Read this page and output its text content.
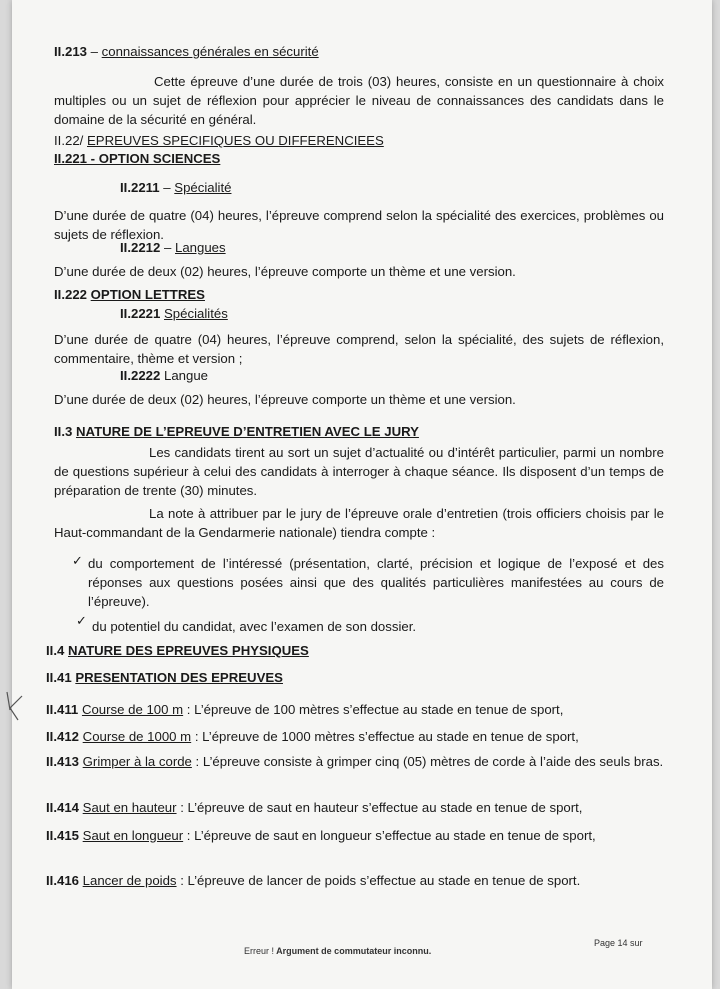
II.213 – connaissances générales en sécurité
Cette épreuve d’une durée de trois (03) heures, consiste en un questionnaire à choix multiples ou un sujet de réflexion pour apprécier le niveau de connaissances des candidats dans le domaine de la sécurité en général.
II.22/ EPREUVES SPECIFIQUES OU DIFFERENCIEES
II.221 - OPTION SCIENCES
II.2211 – Spécialité
D’une durée de quatre (04) heures, l’épreuve comprend selon la spécialité des exercices, problèmes ou sujets de réflexion.
II.2212 – Langues
D’une durée de deux (02) heures, l’épreuve comporte un thème et une version.
II.222 OPTION LETTRES
II.2221 Spécialités
D’une durée de quatre (04) heures, l’épreuve comprend, selon la spécialité, des sujets de réflexion, commentaire, thème et version ;
II.2222 Langue
D’une durée de deux (02) heures, l’épreuve comporte un thème et une version.
II.3 NATURE DE L’EPREUVE D’ENTRETIEN AVEC LE JURY
Les candidats tirent au sort un sujet d’actualité ou d’intérêt particulier, parmi un nombre de questions supérieur à celui des candidats à interroger à chaque séance. Ils disposent d’un temps de préparation de trente (30) minutes.
La note à attribuer par le jury de l’épreuve orale d’entretien (trois officiers choisis par le Haut-commandant de la Gendarmerie nationale) tiendra compte :
✓ du comportement de l’intéressé (présentation, clarté, précision et logique de l’exposé et des réponses aux questions posées ainsi que des qualités particulières manifestées au cours de l’épreuve).
✓ du potentiel du candidat, avec l’examen de son dossier.
II.4 NATURE DES EPREUVES PHYSIQUES
II.41 PRESENTATION DES EPREUVES
II.411 Course de 100 m : L’épreuve de 100 mètres s’effectue au stade en tenue de sport,
II.412 Course de 1000 m : L’épreuve de 1000 mètres s’effectue au stade en tenue de sport,
II.413 Grimper à la corde : L’épreuve consiste à grimper cinq (05) mètres de corde à l’aide des seuls bras.
II.414 Saut en hauteur : L’épreuve de saut en hauteur s’effectue au stade en tenue de sport,
II.415 Saut en longueur : L’épreuve de saut en longueur s’effectue au stade en tenue de sport,
II.416 Lancer de poids : L’épreuve de lancer de poids s’effectue au stade en tenue de sport.
Erreur ! Argument de commutateur inconnu.
Page 14 sur
